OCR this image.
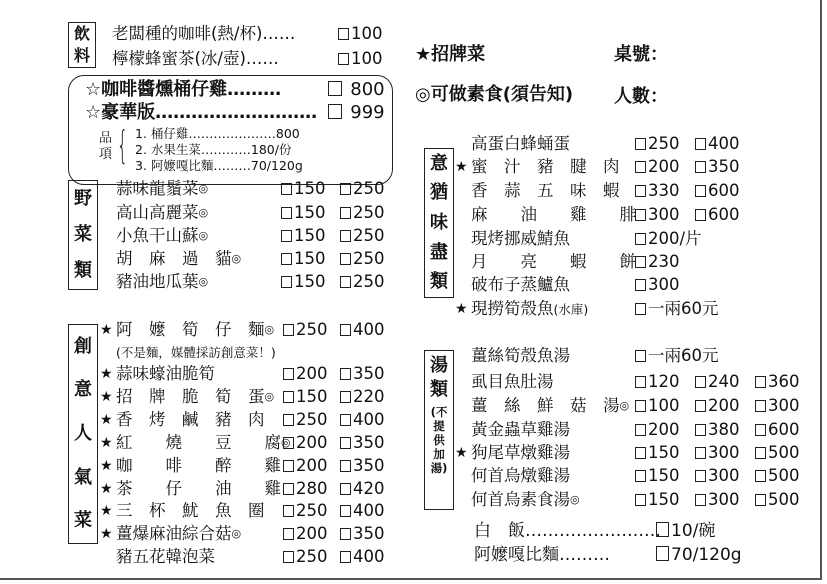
飲
料
老闆種的咖啡(熱/杯)……	100
檸檬蜂蜜茶(冰/壺)……	100
☆咖啡醬燻桶仔雞………	800
☆豪華版………………………	999
品
項 { 1. 桶仔雞…………………800
2. 水果生菜…………180/份
3. 阿嬤嘎比麵………70/120g
★招牌菜	桌號：
◎可做素食(須告知) 人數：
野
菜
類
蒜味龍鬚菜◎	150	250
高山高麗菜◎	150	250
小魚干山蘇◎	150	250
胡　麻　過　貓◎	150	250
豬油地瓜葉◎	150	250
創
意
人
氣
菜
★ 阿　嬤　筍　仔　麵◎	250	400
(不是麵，媒體採訪創意菜！)
★ 蒜味蠔油脆筍	200	350
★ 招　牌　脆　筍　蛋◎	150	220
★ 香　烤　鹹　豬　肉	250	400
★ 紅　　燒　　豆　　腐◎ 200	350
★ 咖　　啡　　醉　　雞 200	350
★ 茶　　仔　　油　　雞 280	420
★ 三　杯　魷　魚　圈	250	400
★ 薑爆麻油綜合菇◎	200	350
豬五花韓泡菜	250	400
意
猶
味
盡
類
高蛋白蜂蛹蛋	250	400
★ 蜜　汁　豬　腱　肉	200	350
香　蒜　五　味　蝦	330	600
麻　　油　　雞　　腓 300	600
現烤挪威鯖魚	200/片
月　　亮　　蝦　　餅 230
破布子蒸鱸魚	300
★ 現撈筍殼魚(水庫)	一兩60元
湯
類
(不
提
供
加
湯)
薑絲筍殼魚湯	一兩60元
虱目魚肚湯	120	240	360
薑　絲　鮮　菇　湯◎	100	200	300
黃金蟲草雞湯	200	380	600
★ 狗尾草燉雞湯	150	300	500
何首烏燉雞湯	150	300	500
何首烏素食湯◎	150	300	500
白　飯…………………… 10/碗
阿嬤嘎比麵………	70/120g
